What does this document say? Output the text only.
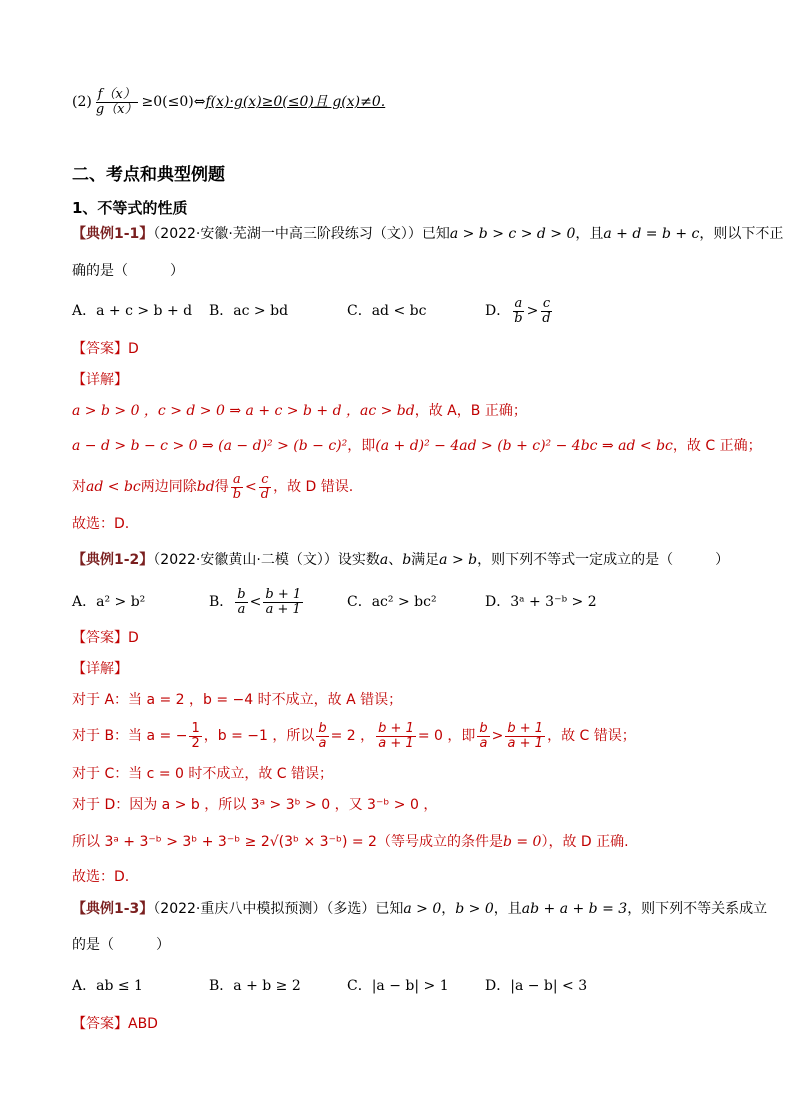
$(2) \frac{f(x)}{g(x)}$ ≥0(≤0)⇔f(x)·g(x)≥0(≤0)且 g(x)≠0.
二、考点和典型例题
1、不等式的性质
【典例1-1】（2022·安徽·芜湖一中高三阶段练习（文））已知a > b > c > d > 0，且a + d = b + c，则以下不正
确的是（　　　）
A．a + c > b + d B．ac > bd	C．ad < bc	D． $\frac{a}{b} > \frac{c}{d}$
【答案】D
【详解】
a > b > 0 ，c > d > 0 ⇒ a + c > b + d ，ac > bd，故 A，B 正确；
a − d > b − c > 0 ⇒ (a − d)² > (b − c)²，即(a + d)² − 4ad > (b + c)² − 4bc ⇒ ad < bc，故 C 正确；
对ad < bc两边同除bd得 $\frac{a}{b} < \frac{c}{d}$ ，故 D 错误.
故选：D.
【典例1-2】（2022·安徽黄山·二模（文））设实数a、b满足a > b，则下列不等式一定成立的是（　　　）
A．a² > b²	B． $\frac{b}{a} < \frac{b + 1}{a + 1}$	C．ac² > bc²	D．3ᵃ + 3⁻ᵇ > 2
【答案】D
【详解】
对于 A：当 a = 2 ，b = −4 时不成立，故 A 错误；
对于 B：当 a = − $\frac{1}{2}$ ，b = −1 ，所以 $\frac{b}{a} = 2$ ， $\frac{b + 1}{a + 1} = 0$ ，即 $\frac{b}{a} > \frac{b + 1}{a + 1}$ ，故 C 错误；
对于 C：当 c = 0 时不成立，故 C 错误；
对于 D：因为 a > b ，所以 3ᵃ > 3ᵇ > 0 ，又 3⁻ᵇ > 0 ，
所以 3ᵃ + 3⁻ᵇ > 3ᵇ + 3⁻ᵇ ≥ 2√(3ᵇ × 3⁻ᵇ) = 2（等号成立的条件是b = 0），故 D 正确.
故选：D.
【典例1-3】（2022·重庆八中模拟预测）（多选）已知a > 0，b > 0，且ab + a + b = 3，则下列不等关系成立
的是（　　　）
A．ab ≤ 1	B．a + b ≥ 2	C．|a − b| > 1	D．|a − b| < 3
【答案】ABD
